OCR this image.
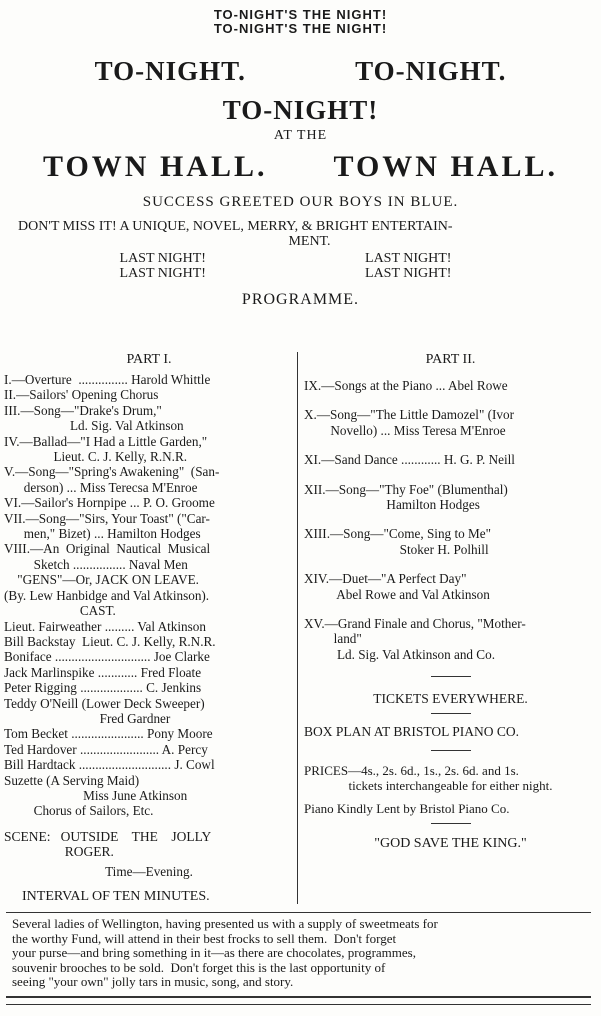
TO-NIGHT'S THE NIGHT!
TO-NIGHT'S THE NIGHT!
TO-NIGHT.	TO-NIGHT.
TO-NIGHT!
AT THE
TOWN HALL. TOWN HALL.
SUCCESS GREETED OUR BOYS IN BLUE.
DON'T MISS IT! A UNIQUE, NOVEL, MERRY, & BRIGHT ENTERTAIN-
MENT.
LAST NIGHT!
LAST NIGHT!
LAST NIGHT!
LAST NIGHT!
PROGRAMME.
PART I.
I.—Overture  ............... Harold Whittle
II.—Sailors' Opening Chorus
III.—Song—"Drake's Drum,"
Ld. Sig. Val Atkinson
IV.—Ballad—"I Had a Little Garden,"
Lieut. C. J. Kelly, R.N.R.
V.—Song—"Spring's Awakening"  (San-
derson) ... Miss Terecsa M'Enroe
VI.—Sailor's Hornpipe ... P. O. Groome
VII.—Song—"Sirs, Your Toast" ("Car-
men," Bizet) ... Hamilton Hodges
VIII.—An  Original  Nautical  Musical
Sketch ................ Naval Men
"GENS"—Or, JACK ON LEAVE.
(By. Lew Hanbidge and Val Atkinson).
CAST.
Lieut. Fairweather ......... Val Atkinson
Bill Backstay  Lieut. C. J. Kelly, R.N.R.
Boniface ............................. Joe Clarke
Jack Marlinspike ............ Fred Floate
Peter Rigging ................... C. Jenkins
Teddy O'Neill (Lower Deck Sweeper)
Fred Gardner
Tom Becket ...................... Pony Moore
Ted Hardover ........................ A. Percy
Bill Hardtack ............................ J. Cowl
Suzette (A Serving Maid)
Miss June Atkinson
Chorus of Sailors, Etc.
SCENE:   OUTSIDE    THE    JOLLY
ROGER.
Time—Evening.
INTERVAL OF TEN MINUTES.
PART II.
IX.—Songs at the Piano ... Abel Rowe
X.—Song—"The Little Damozel" (Ivor
Novello) ... Miss Teresa M'Enroe
XI.—Sand Dance ............ H. G. P. Neill
XII.—Song—"Thy Foe" (Blumenthal)
Hamilton Hodges
XIII.—Song—"Come, Sing to Me"
Stoker H. Polhill
XIV.—Duet—"A Perfect Day"
Abel Rowe and Val Atkinson
XV.—Grand Finale and Chorus, "Mother-
land"
Ld. Sig. Val Atkinson and Co.
TICKETS EVERYWHERE.
BOX PLAN AT BRISTOL PIANO CO.
PRICES—4s., 2s. 6d., 1s., 2s. 6d. and 1s.
tickets interchangeable for either night.
Piano Kindly Lent by Bristol Piano Co.
"GOD SAVE THE KING."
Several ladies of Wellington, having presented us with a supply of sweetmeats for
the worthy Fund, will attend in their best frocks to sell them.  Don't forget
your purse—and bring something in it—as there are chocolates, programmes,
souvenir brooches to be sold.  Don't forget this is the last opportunity of
seeing "your own" jolly tars in music, song, and story.
